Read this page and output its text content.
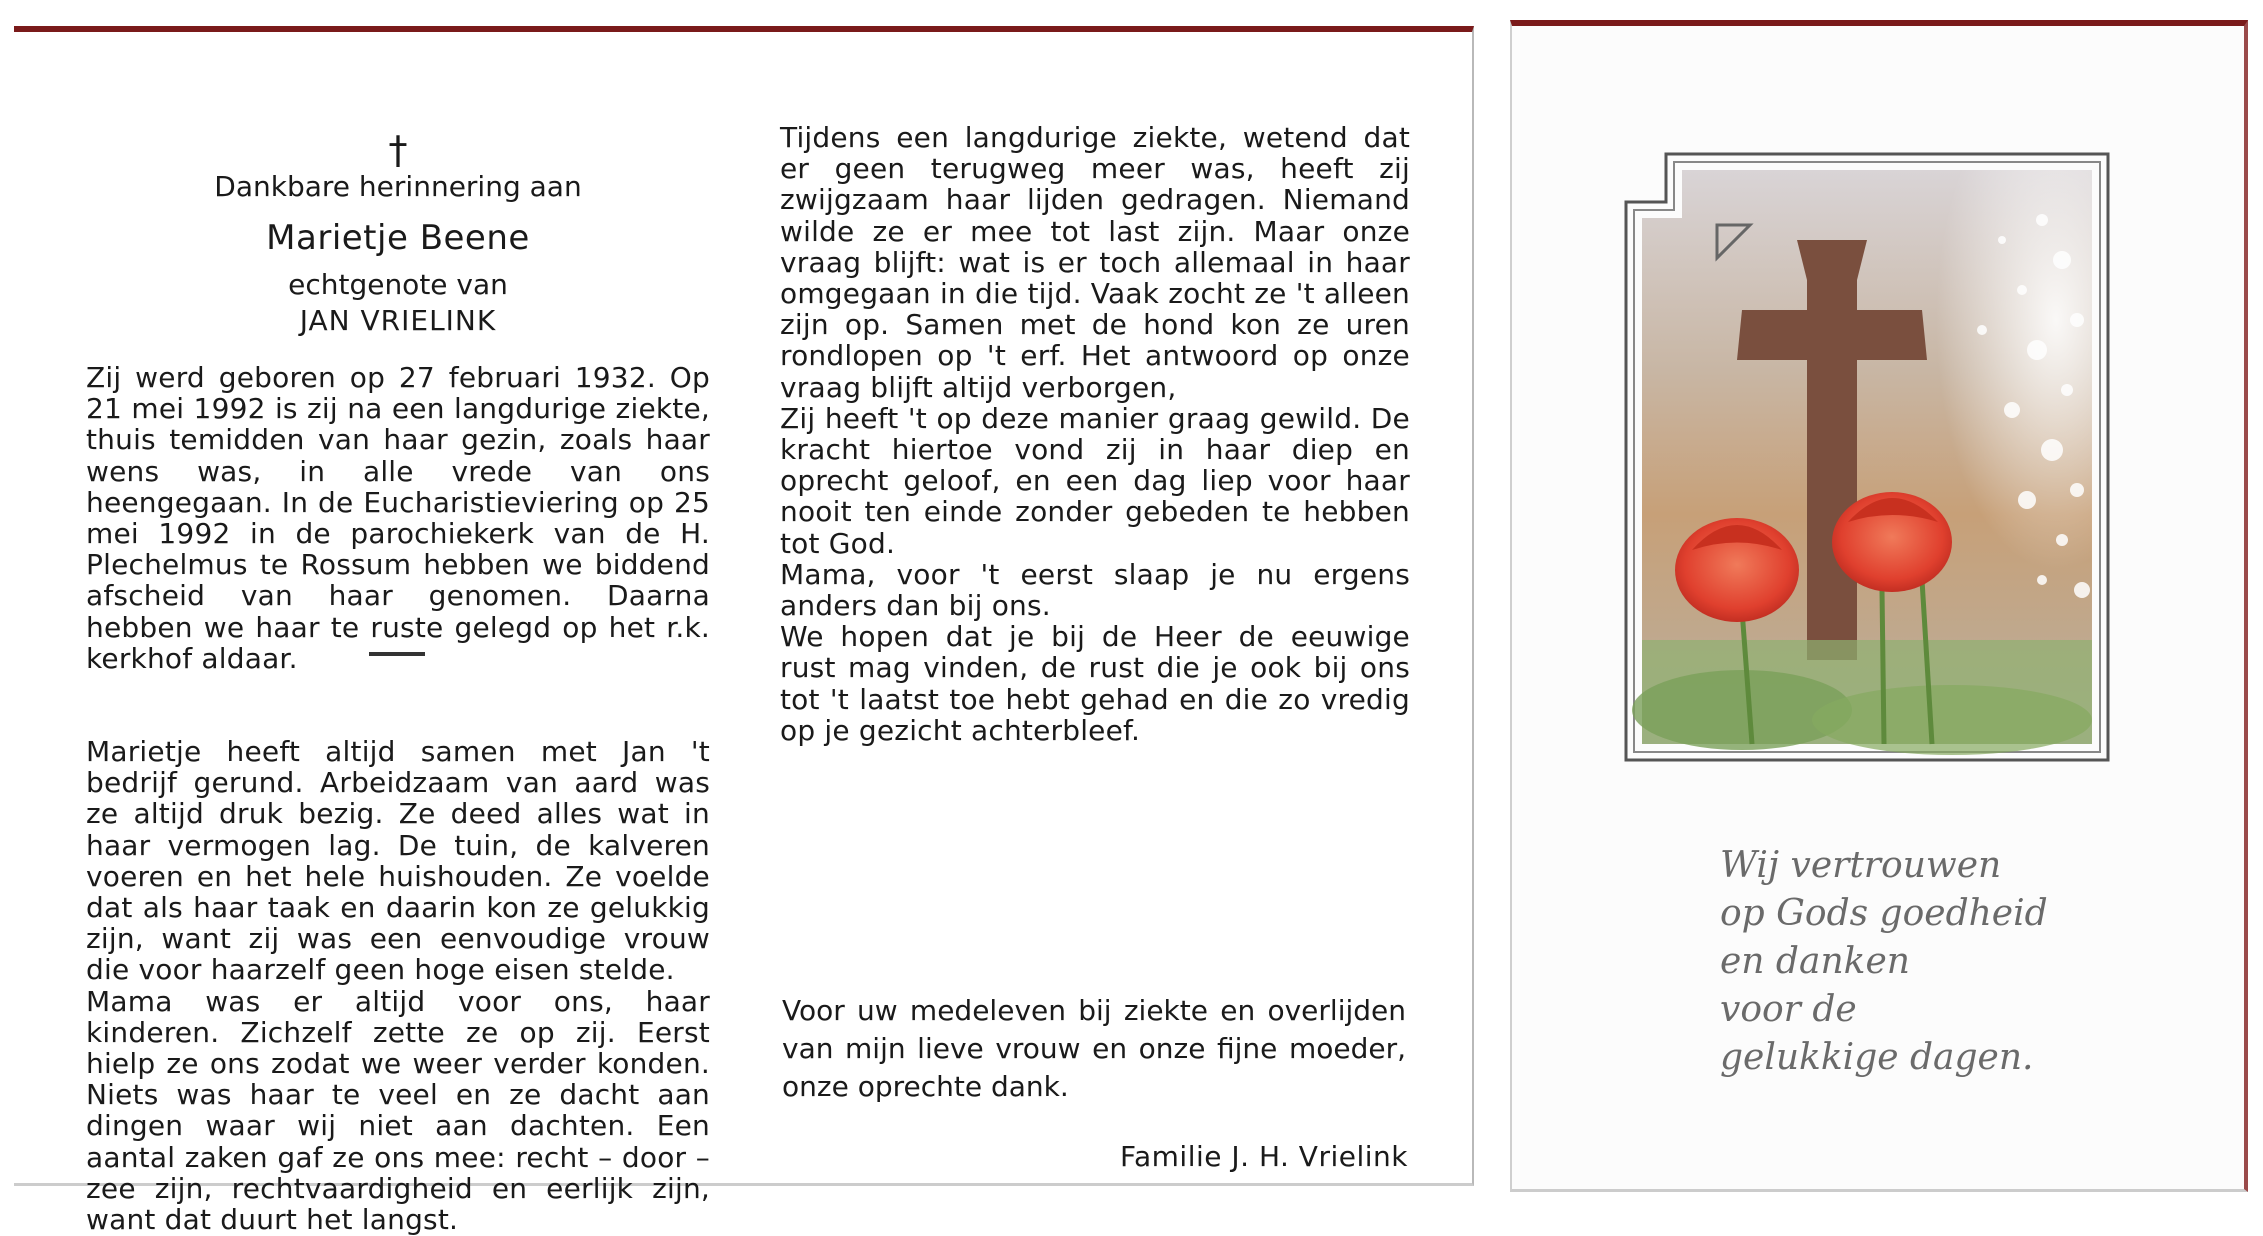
†
Dankbare herinnering aan
Marietje Beene
echtgenote van
JAN VRIELINK

Zij werd geboren op 27 februari 1932. Op 21 mei 1992 is zij na een langdurige ziekte, thuis temidden van haar gezin, zoals haar wens was, in alle vrede van ons heengegaan. In de Eucharistieviering op 25 mei 1992 in de parochiekerk van de H. Plechelmus te Rossum hebben we biddend afscheid van haar genomen. Daarna hebben we haar te ruste gelegd op het r.k. kerkhof aldaar.

Marietje heeft altijd samen met Jan 't bedrijf gerund. Arbeidzaam van aard was ze altijd druk bezig. Ze deed alles wat in haar vermogen lag. De tuin, de kalveren voeren en het hele huishouden. Ze voelde dat als haar taak en daarin kon ze gelukkig zijn, want zij was een eenvoudige vrouw die voor haarzelf geen hoge eisen stelde.

Mama was er altijd voor ons, haar kinderen. Zichzelf zette ze op zij. Eerst hielp ze ons zodat we weer verder konden. Niets was haar te veel en ze dacht aan dingen waar wij niet aan dachten. Een aantal zaken gaf ze ons mee: recht – door – zee zijn, rechtvaardigheid en eerlijk zijn, want dat duurt het langst.

Tijdens een langdurige ziekte, wetend dat er geen terugweg meer was, heeft zij zwijgzaam haar lijden gedragen. Niemand wilde ze er mee tot last zijn. Maar onze vraag blijft: wat is er toch allemaal in haar omgegaan in die tijd. Vaak zocht ze 't alleen zijn op. Samen met de hond kon ze uren rondlopen op 't erf. Het antwoord op onze vraag blijft altijd verborgen,

Zij heeft 't op deze manier graag gewild. De kracht hiertoe vond zij in haar diep en oprecht geloof, en een dag liep voor haar nooit ten einde zonder gebeden te hebben tot God.

Mama, voor 't eerst slaap je nu ergens anders dan bij ons.

We hopen dat je bij de Heer de eeuwige rust mag vinden, de rust die je ook bij ons tot 't laatst toe hebt gehad en die zo vredig op je gezicht achterbleef.

Voor uw medeleven bij ziekte en overlijden van mijn lieve vrouw en onze fijne moeder, onze oprechte dank.
Familie J. H. Vrielink
Wij vertrouwen
op Gods goedheid
en danken
voor de
gelukkige dagen.
